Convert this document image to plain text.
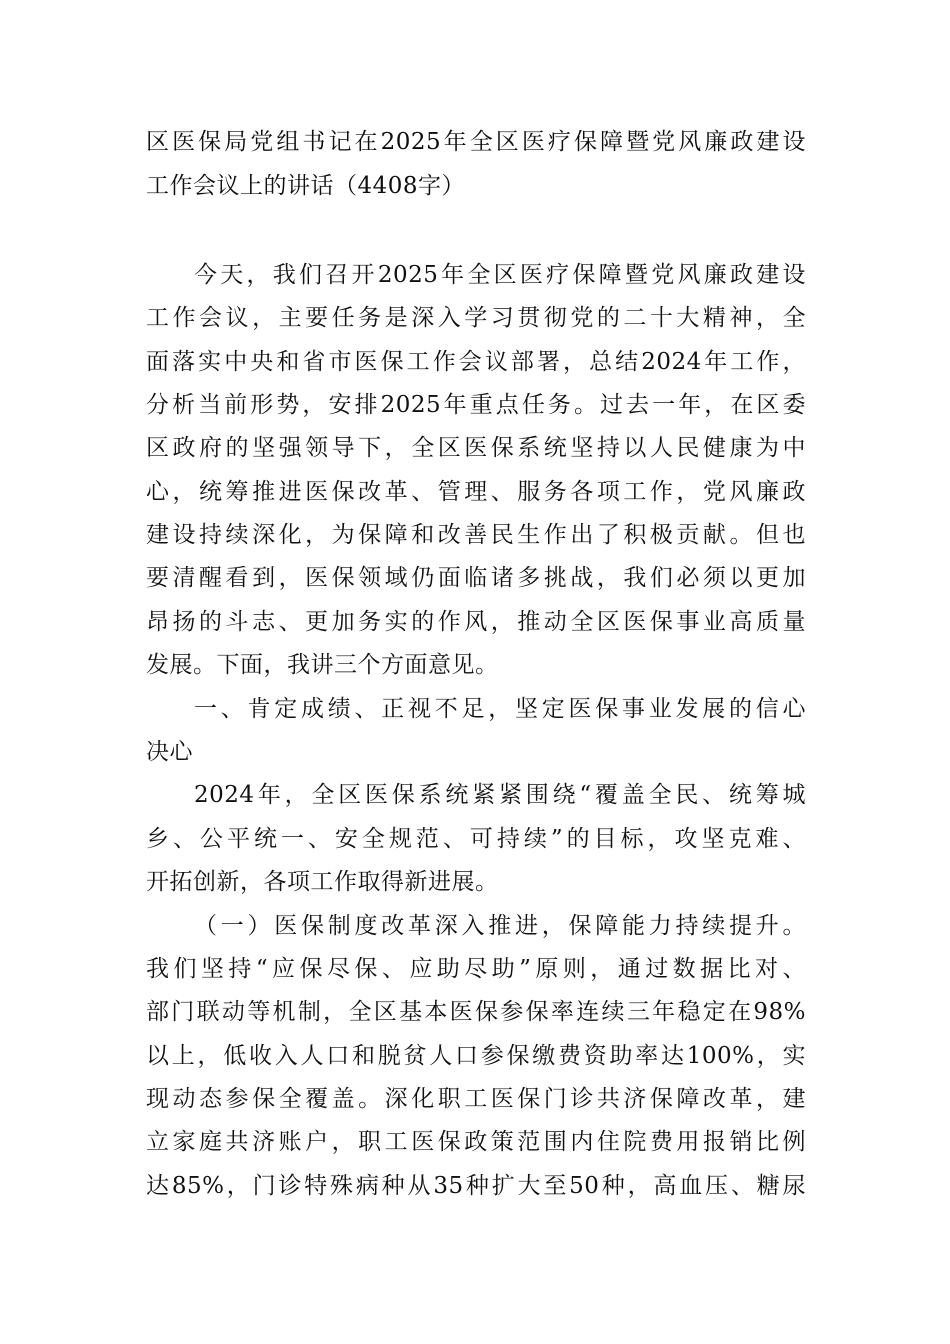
区医保局党组书记在2025年全区医疗保障暨党风廉政建设
工作会议上的讲话（4408字）
今天，我们召开2025年全区医疗保障暨党风廉政建设
工作会议，主要任务是深入学习贯彻党的二十大精神，全
面落实中央和省市医保工作会议部署，总结2024年工作，
分析当前形势，安排2025年重点任务。过去一年，在区委
区政府的坚强领导下，全区医保系统坚持以人民健康为中
心，统筹推进医保改革、管理、服务各项工作，党风廉政
建设持续深化，为保障和改善民生作出了积极贡献。但也
要清醒看到，医保领域仍面临诸多挑战，我们必须以更加
昂扬的斗志、更加务实的作风，推动全区医保事业高质量
发展。下面，我讲三个方面意见。
一、肯定成绩、正视不足，坚定医保事业发展的信心
决心
2024年，全区医保系统紧紧围绕“覆盖全民、统筹城
乡、公平统一、安全规范、可持续”的目标，攻坚克难、
开拓创新，各项工作取得新进展。
（一）医保制度改革深入推进，保障能力持续提升。
我们坚持“应保尽保、应助尽助”原则，通过数据比对、
部门联动等机制，全区基本医保参保率连续三年稳定在98%
以上，低收入人口和脱贫人口参保缴费资助率达100%，实
现动态参保全覆盖。深化职工医保门诊共济保障改革，建
立家庭共济账户，职工医保政策范围内住院费用报销比例
达85%，门诊特殊病种从35种扩大至50种，高血压、糖尿
